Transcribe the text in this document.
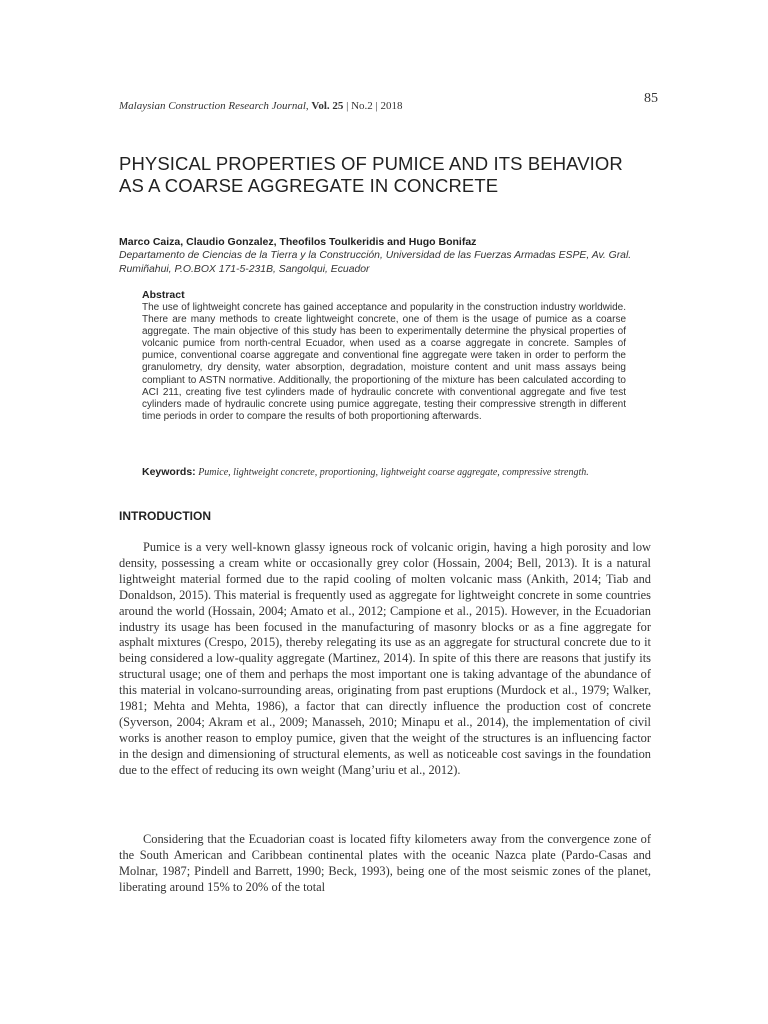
85
Malaysian Construction Research Journal, Vol. 25 | No.2 | 2018
PHYSICAL PROPERTIES OF PUMICE AND ITS BEHAVIOR AS A COARSE AGGREGATE IN CONCRETE
Marco Caiza, Claudio Gonzalez, Theofilos Toulkeridis and Hugo Bonifaz
Departamento de Ciencias de la Tierra y la Construcción, Universidad de las Fuerzas Armadas ESPE, Av. Gral. Rumiñahui, P.O.BOX 171-5-231B, Sangolqui, Ecuador
Abstract

The use of lightweight concrete has gained acceptance and popularity in the construction industry worldwide. There are many methods to create lightweight concrete, one of them is the usage of pumice as a coarse aggregate. The main objective of this study has been to experimentally determine the physical properties of volcanic pumice from north-central Ecuador, when used as a coarse aggregate in concrete. Samples of pumice, conventional coarse aggregate and conventional fine aggregate were taken in order to perform the granulometry, dry density, water absorption, degradation, moisture content and unit mass assays being compliant to ASTN normative. Additionally, the proportioning of the mixture has been calculated according to ACI 211, creating five test cylinders made of hydraulic concrete with conventional aggregate and five test cylinders made of hydraulic concrete using pumice aggregate, testing their compressive strength in different time periods in order to compare the results of both proportioning afterwards.

Keywords: Pumice, lightweight concrete, proportioning, lightweight coarse aggregate, compressive strength.

INTRODUCTION

Pumice is a very well-known glassy igneous rock of volcanic origin, having a high porosity and low density, possessing a cream white or occasionally grey color (Hossain, 2004; Bell, 2013). It is a natural lightweight material formed due to the rapid cooling of molten volcanic mass (Ankith, 2014; Tiab and Donaldson, 2015). This material is frequently used as aggregate for lightweight concrete in some countries around the world (Hossain, 2004; Amato et al., 2012; Campione et al., 2015). However, in the Ecuadorian industry its usage has been focused in the manufacturing of masonry blocks or as a fine aggregate for asphalt mixtures (Crespo, 2015), thereby relegating its use as an aggregate for structural concrete due to it being considered a low-quality aggregate (Martinez, 2014). In spite of this there are reasons that justify its structural usage; one of them and perhaps the most important one is taking advantage of the abundance of this material in volcano-surrounding areas, originating from past eruptions (Murdock et al., 1979; Walker, 1981; Mehta and Mehta, 1986), a factor that can directly influence the production cost of concrete (Syverson, 2004; Akram et al., 2009; Manasseh, 2010; Minapu et al., 2014), the implementation of civil works is another reason to employ pumice, given that the weight of the structures is an influencing factor in the design and dimensioning of structural elements, as well as noticeable cost savings in the foundation due to the effect of reducing its own weight (Mang’uriu et al., 2012).

Considering that the Ecuadorian coast is located fifty kilometers away from the convergence zone of the South American and Caribbean continental plates with the oceanic Nazca plate (Pardo-Casas and Molnar, 1987; Pindell and Barrett, 1990; Beck, 1993), being one of the most seismic zones of the planet, liberating around 15% to 20% of the total
